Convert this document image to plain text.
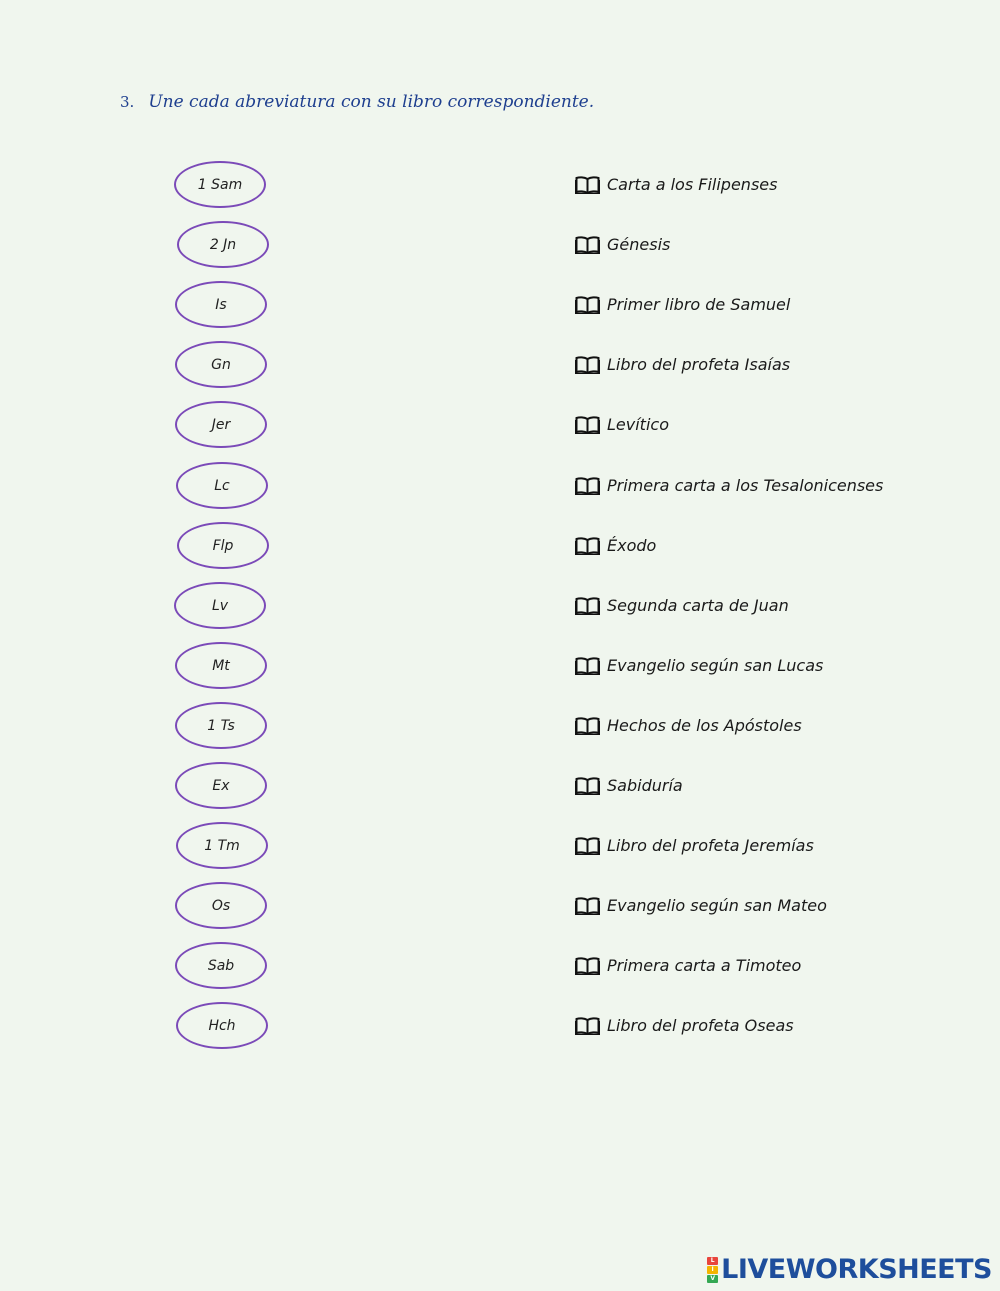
3. Une cada abreviatura con su libro correspondiente.
1 Sam
2 Jn
Is
Gn
Jer
Lc
Flp
Lv
Mt
1 Ts
Ex
1 Tm
Os
Sab
Hch
Carta a los Filipenses
Génesis
Primer libro de Samuel
Libro del profeta Isaías
Levítico
Primera carta a los Tesalonicenses
Éxodo
Segunda carta de Juan
Evangelio según san Lucas
Hechos de los Apóstoles
Sabiduría
Libro del profeta Jeremías
Evangelio según san Mateo
Primera carta a Timoteo
Libro del profeta Oseas
L
I
V LIVEWORKSHEETS
